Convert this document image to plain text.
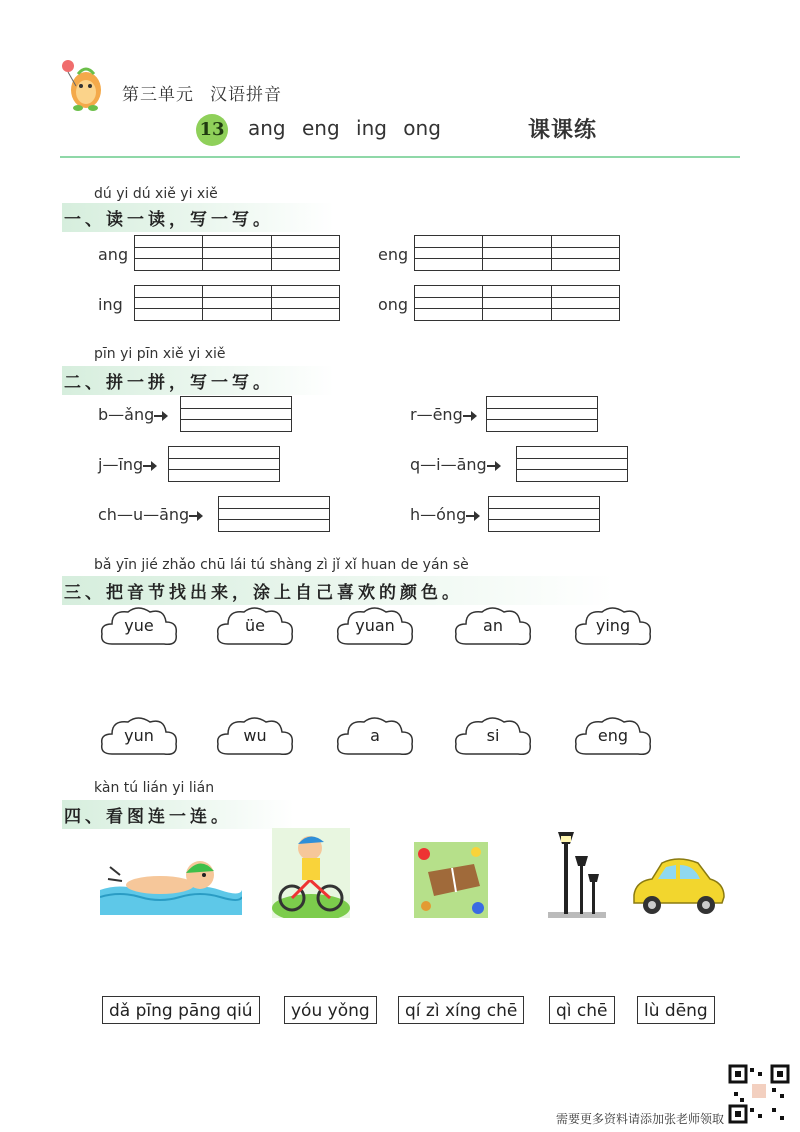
第三单元 汉语拼音
13 ang eng ing ong	课课练
dú yi dú xiě yi xiě
一、读一读，写一写。
ang	eng
ing	ong
pīn yi pīn xiě yi xiě
二、拼一拼，写一写。
b—ǎng	r—ēng
j—īng	q—i—āng
ch—u—āng	h—óng
bǎ yīn jié zhǎo chū lái tú shàng zì jǐ xǐ huan de yán sè
三、把音节找出来，涂上自己喜欢的颜色。
yue	üe	yuan	an	ying
yun	wu	a	si	eng
kàn tú lián yi lián
四、看图连一连。
dǎ pīng pāng qiú	yóu yǒng	qí zì xíng chē	qì chē	lù dēng
需要更多资料请添加张老师领取
